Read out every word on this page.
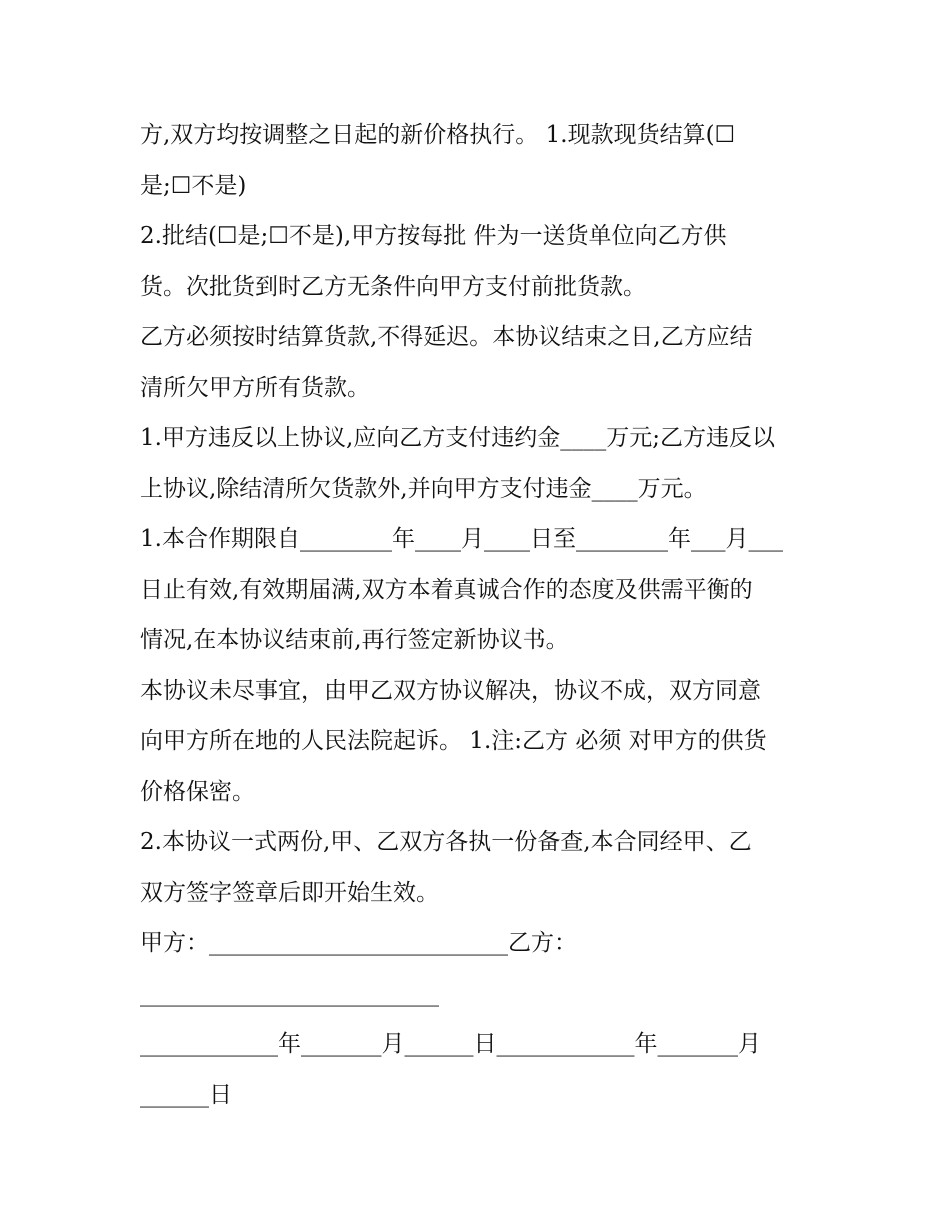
方,双方均按调整之日起的新价格执行。 1.现款现货结算(☐
是;☐不是)
2.批结(☐是;☐不是),甲方按每批 件为一送货单位向乙方供
货。次批货到时乙方无条件向甲方支付前批货款。
乙方必须按时结算货款,不得延迟。本协议结束之日,乙方应结
清所欠甲方所有货款。
1.甲方违反以上协议,应向乙方支付违约金____万元;乙方违反以
上协议,除结清所欠货款外,并向甲方支付违金____万元。
1.本合作期限自________年____月____日至________年___月___
日止有效,有效期届满,双方本着真诚合作的态度及供需平衡的
情况,在本协议结束前,再行签定新协议书。
本协议未尽事宜，由甲乙双方协议解决，协议不成，双方同意
向甲方所在地的人民法院起诉。 1.注:乙方 必须 对甲方的供货
价格保密。
2.本协议一式两份,甲、乙双方各执一份备查,本合同经甲、乙
双方签字签章后即开始生效。
甲方：__________________________乙方：
__________________________
____________年_______月______日____________年_______月
______日
